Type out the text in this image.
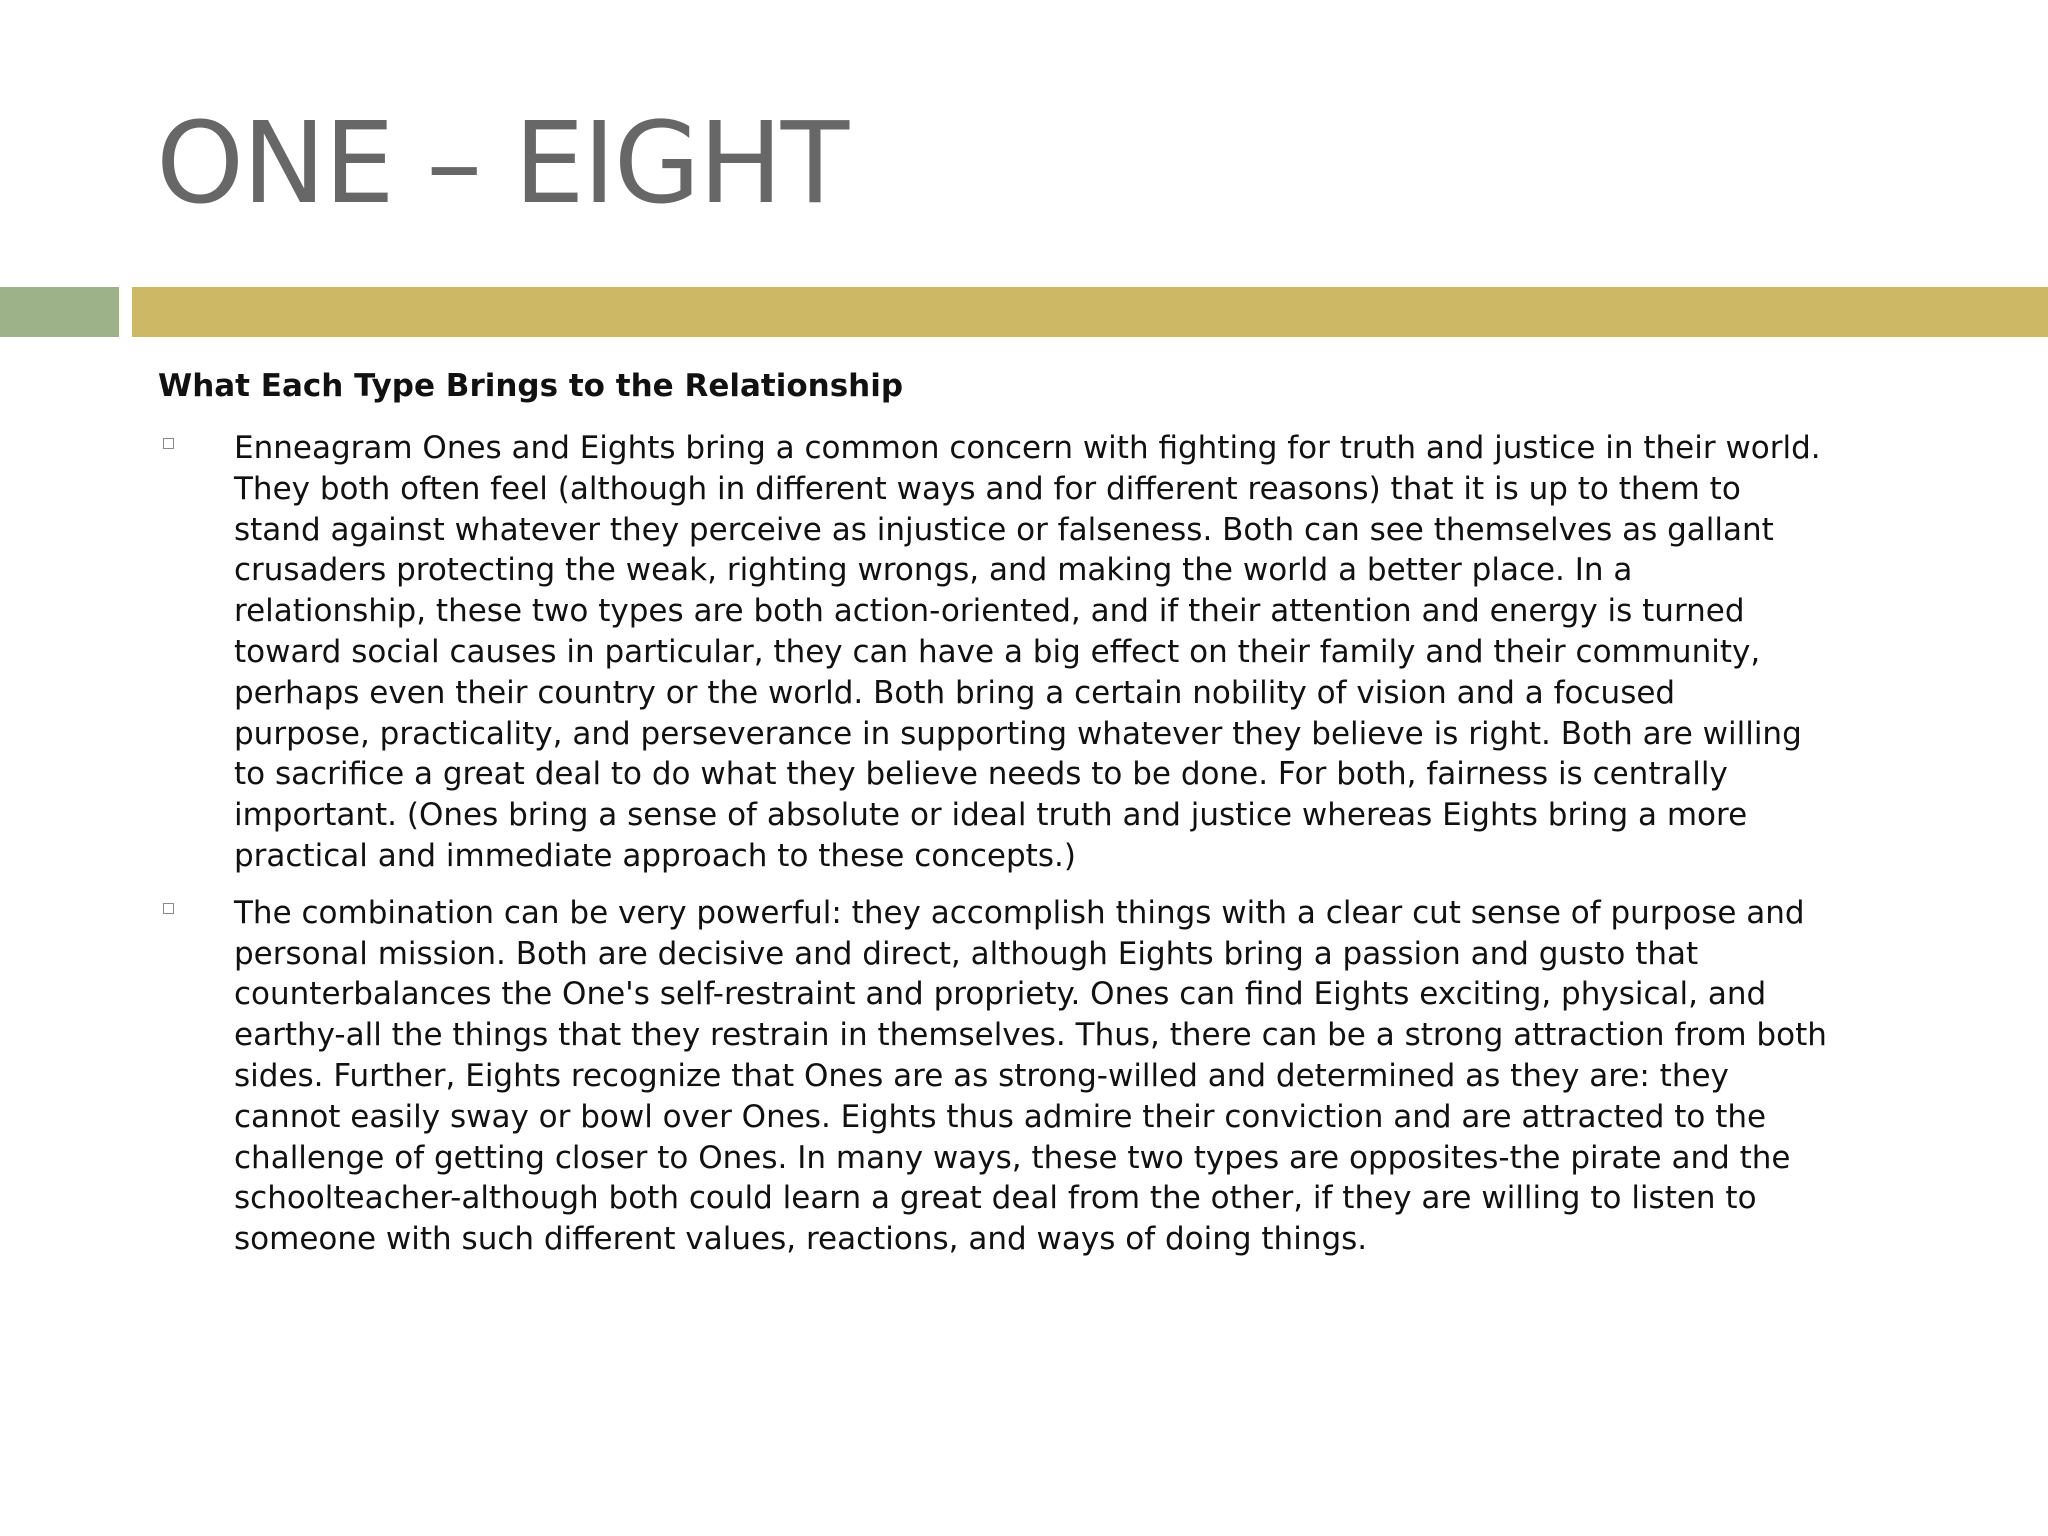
ONE – EIGHT
What Each Type Brings to the Relationship
Enneagram Ones and Eights bring a common concern with fighting for truth and justice in their world.
They both often feel (although in different ways and for different reasons) that it is up to them to
stand against whatever they perceive as injustice or falseness. Both can see themselves as gallant
crusaders protecting the weak, righting wrongs, and making the world a better place. In a
relationship, these two types are both action-oriented, and if their attention and energy is turned
toward social causes in particular, they can have a big effect on their family and their community,
perhaps even their country or the world. Both bring a certain nobility of vision and a focused
purpose, practicality, and perseverance in supporting whatever they believe is right. Both are willing
to sacrifice a great deal to do what they believe needs to be done. For both, fairness is centrally
important. (Ones bring a sense of absolute or ideal truth and justice whereas Eights bring a more
practical and immediate approach to these concepts.)
The combination can be very powerful: they accomplish things with a clear cut sense of purpose and
personal mission. Both are decisive and direct, although Eights bring a passion and gusto that
counterbalances the One's self-restraint and propriety. Ones can find Eights exciting, physical, and
earthy-all the things that they restrain in themselves. Thus, there can be a strong attraction from both
sides. Further, Eights recognize that Ones are as strong-willed and determined as they are: they
cannot easily sway or bowl over Ones. Eights thus admire their conviction and are attracted to the
challenge of getting closer to Ones. In many ways, these two types are opposites-the pirate and the
schoolteacher-although both could learn a great deal from the other, if they are willing to listen to
someone with such different values, reactions, and ways of doing things.
